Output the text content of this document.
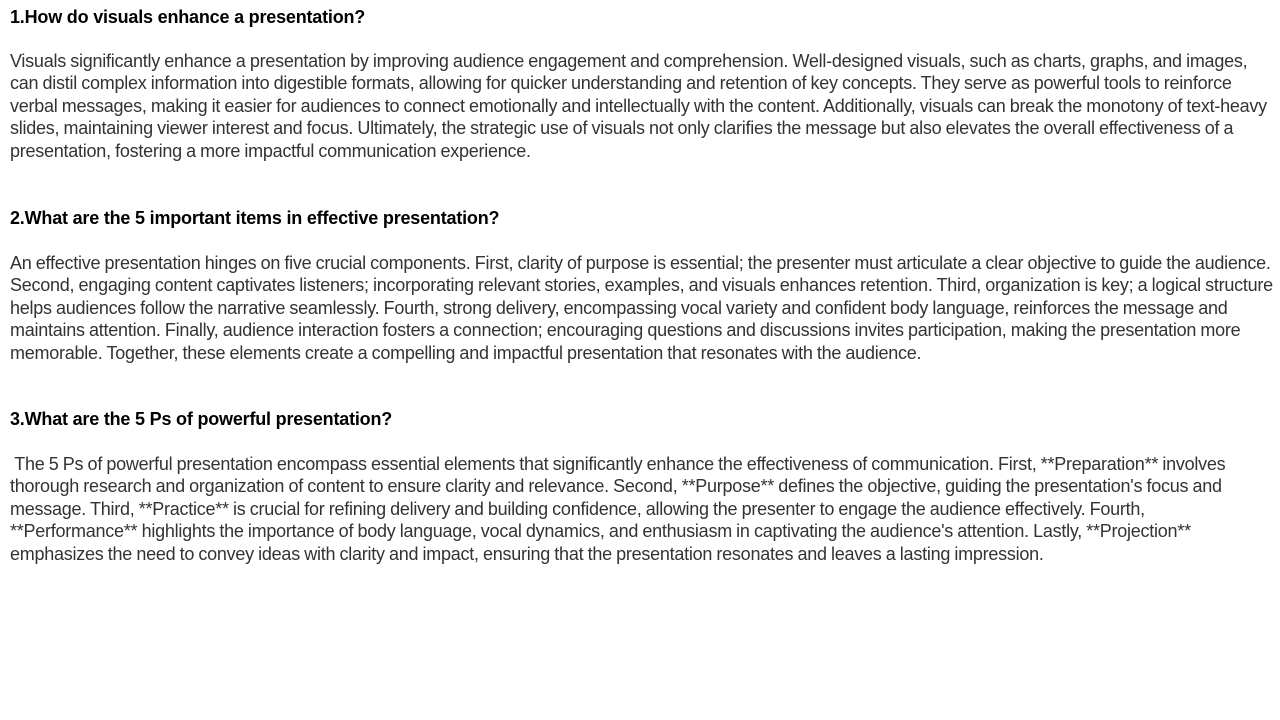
1.How do visuals enhance a presentation?

Visuals significantly enhance a presentation by improving audience engagement and comprehension. Well-designed visuals, such as charts, graphs, and images, can distil complex information into digestible formats, allowing for quicker understanding and retention of key concepts. They serve as powerful tools to reinforce verbal messages, making it easier for audiences to connect emotionally and intellectually with the content. Additionally, visuals can break the monotony of text-heavy slides, maintaining viewer interest and focus. Ultimately, the strategic use of visuals not only clarifies the message but also elevates the overall effectiveness of a presentation, fostering a more impactful communication experience.

2.What are the 5 important items in effective presentation?

An effective presentation hinges on five crucial components. First, clarity of purpose is essential; the presenter must articulate a clear objective to guide the audience. Second, engaging content captivates listeners; incorporating relevant stories, examples, and visuals enhances retention. Third, organization is key; a logical structure helps audiences follow the narrative seamlessly. Fourth, strong delivery, encompassing vocal variety and confident body language, reinforces the message and maintains attention. Finally, audience interaction fosters a connection; encouraging questions and discussions invites participation, making the presentation more memorable. Together, these elements create a compelling and impactful presentation that resonates with the audience.

3.What are the 5 Ps of powerful presentation?

The 5 Ps of powerful presentation encompass essential elements that significantly enhance the effectiveness of communication. First, **Preparation** involves thorough research and organization of content to ensure clarity and relevance. Second, **Purpose** defines the objective, guiding the presentation's focus and message. Third, **Practice** is crucial for refining delivery and building confidence, allowing the presenter to engage the audience effectively. Fourth, **Performance** highlights the importance of body language, vocal dynamics, and enthusiasm in captivating the audience's attention. Lastly, **Projection** emphasizes the need to convey ideas with clarity and impact, ensuring that the presentation resonates and leaves a lasting impression.
